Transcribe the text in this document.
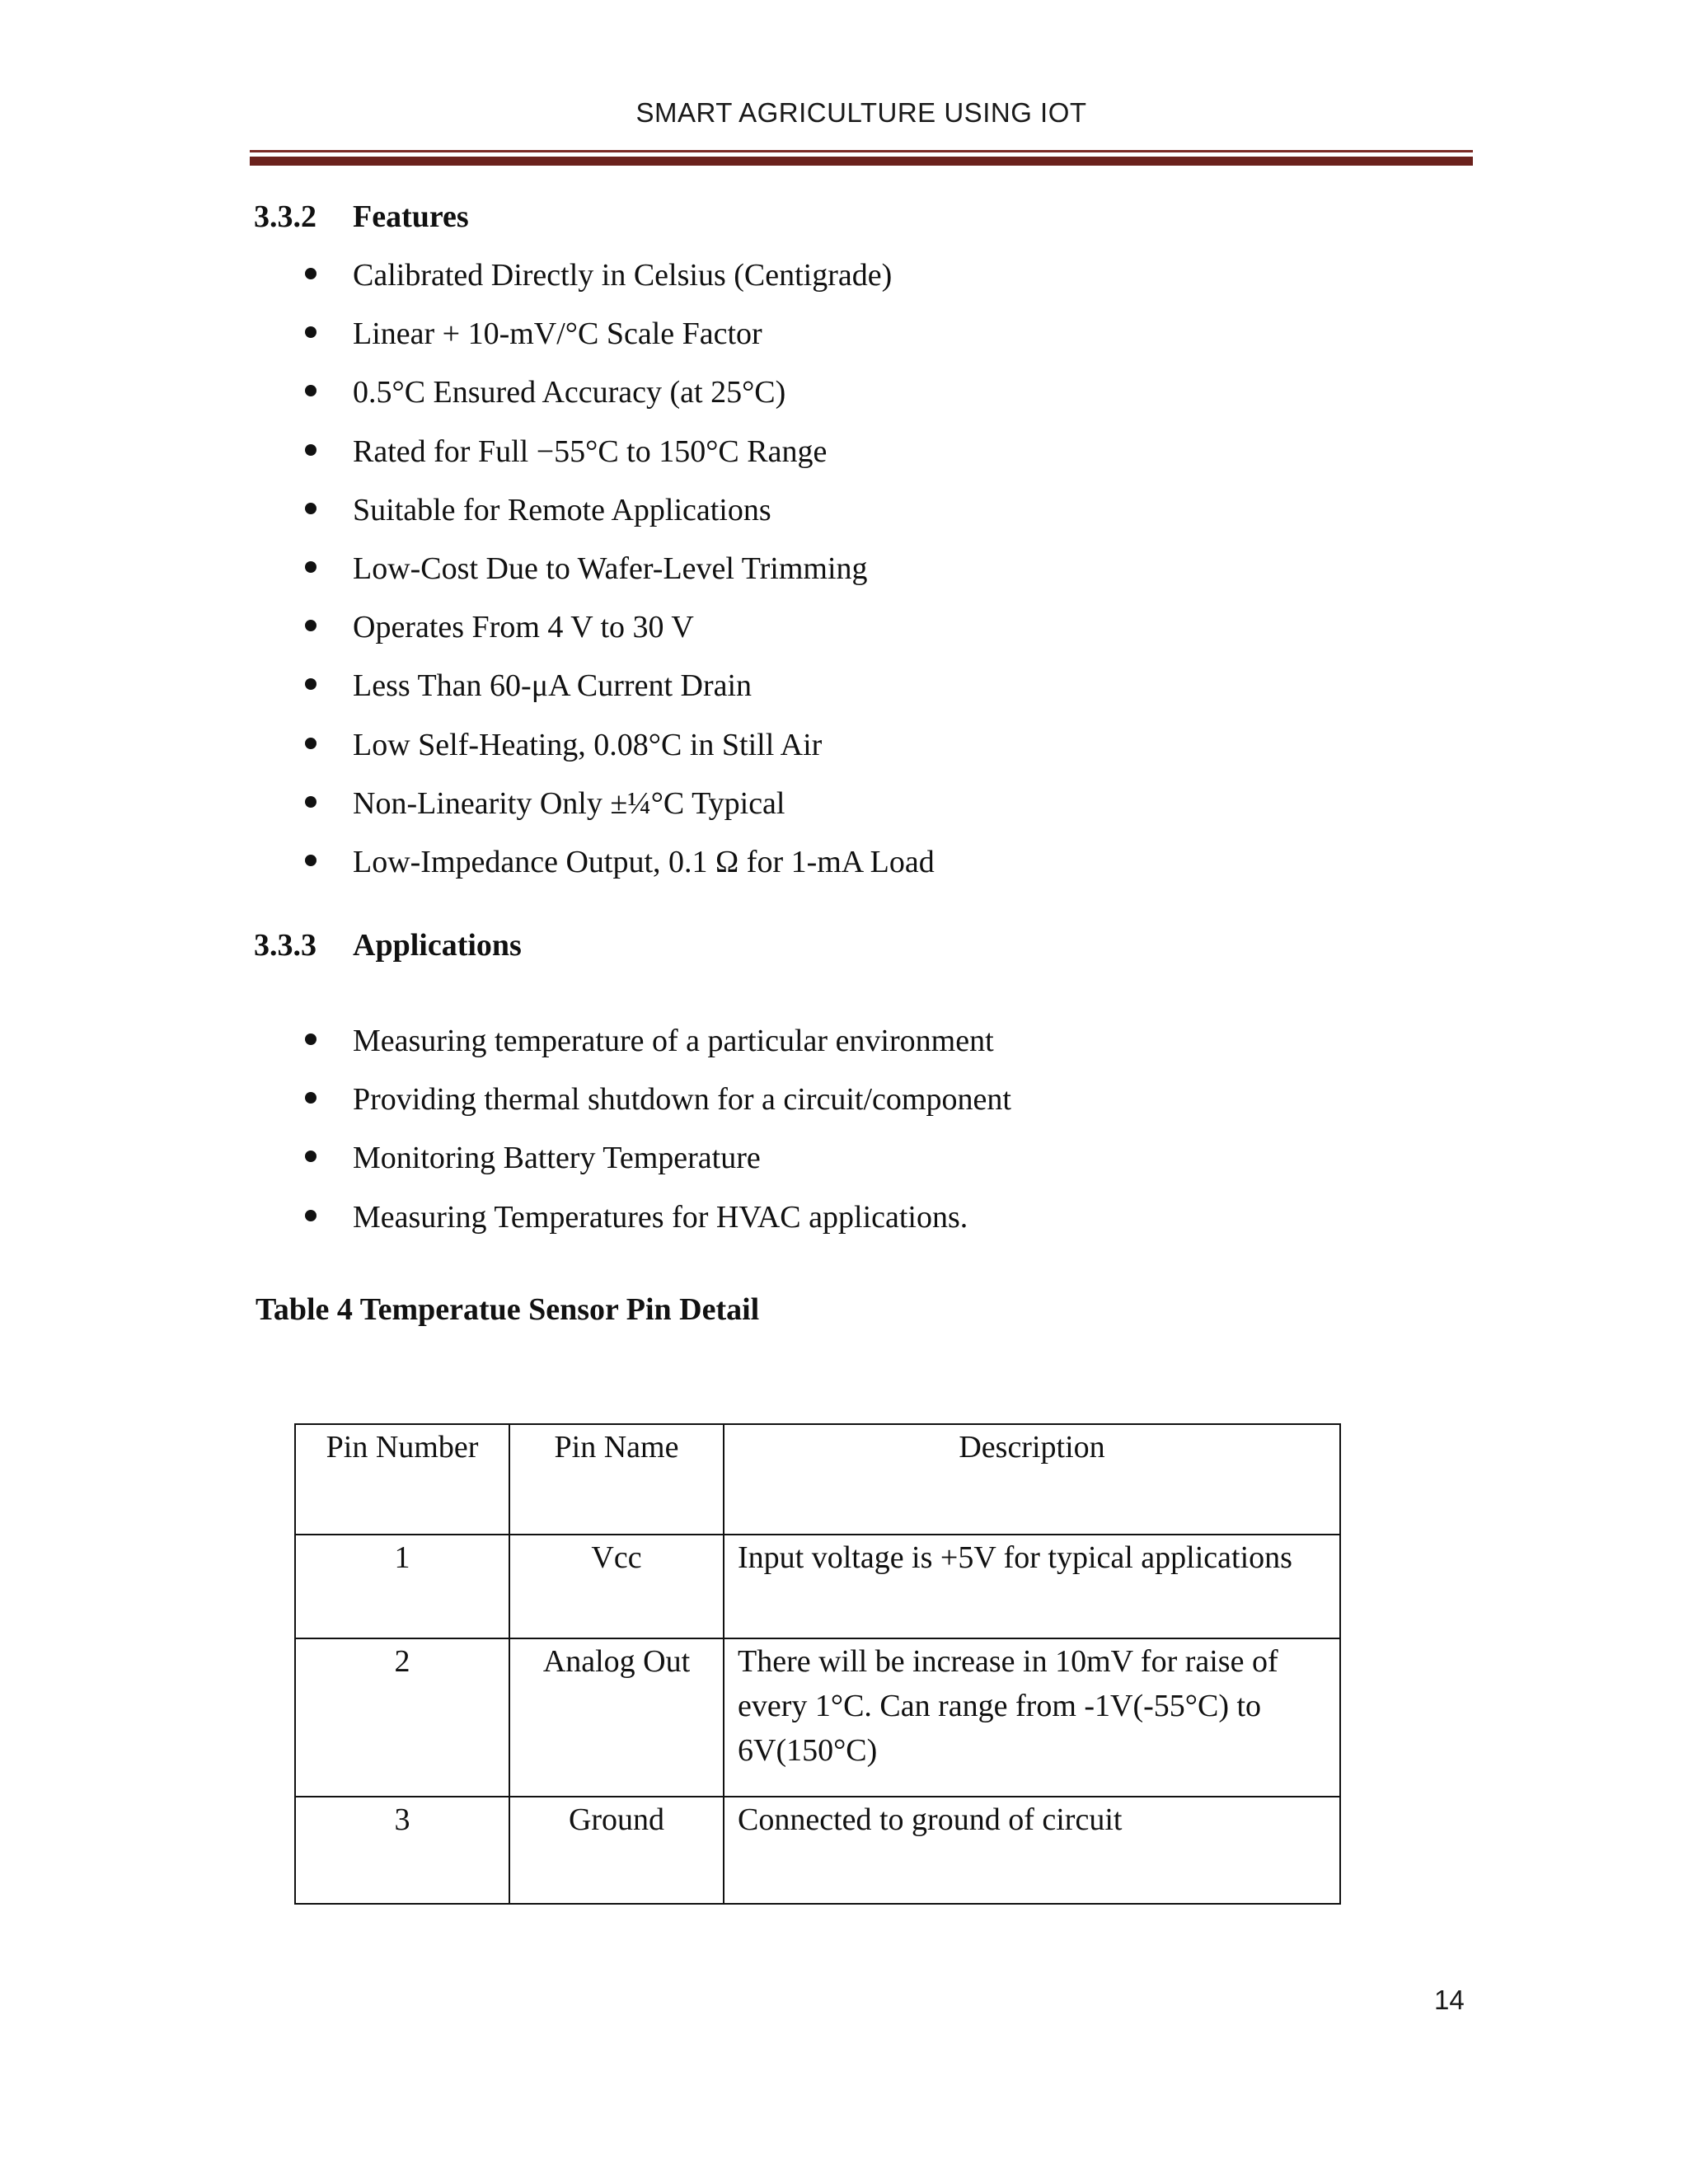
SMART AGRICULTURE USING IOT
3.3.2 Features
Calibrated Directly in Celsius (Centigrade)
Linear + 10-mV/°C Scale Factor
0.5°C Ensured Accuracy (at 25°C)
Rated for Full −55°C to 150°C Range
Suitable for Remote Applications
Low-Cost Due to Wafer-Level Trimming
Operates From 4 V to 30 V
Less Than 60-μA Current Drain
Low Self-Heating, 0.08°C in Still Air
Non-Linearity Only ±¼°C Typical
Low-Impedance Output, 0.1 Ω for 1-mA Load
3.3.3 Applications
Measuring temperature of a particular environment
Providing thermal shutdown for a circuit/component
Monitoring Battery Temperature
Measuring Temperatures for HVAC applications.
Table 4 Temperatue Sensor Pin Detail
Pin Number	Pin Name	Description
1	Vcc	Input voltage is +5V for typical applications
2	Analog Out	There will be increase in 10mV for raise of every 1°C. Can range from -1V(-55°C) to 6V(150°C)
3	Ground	Connected to ground of circuit
14
